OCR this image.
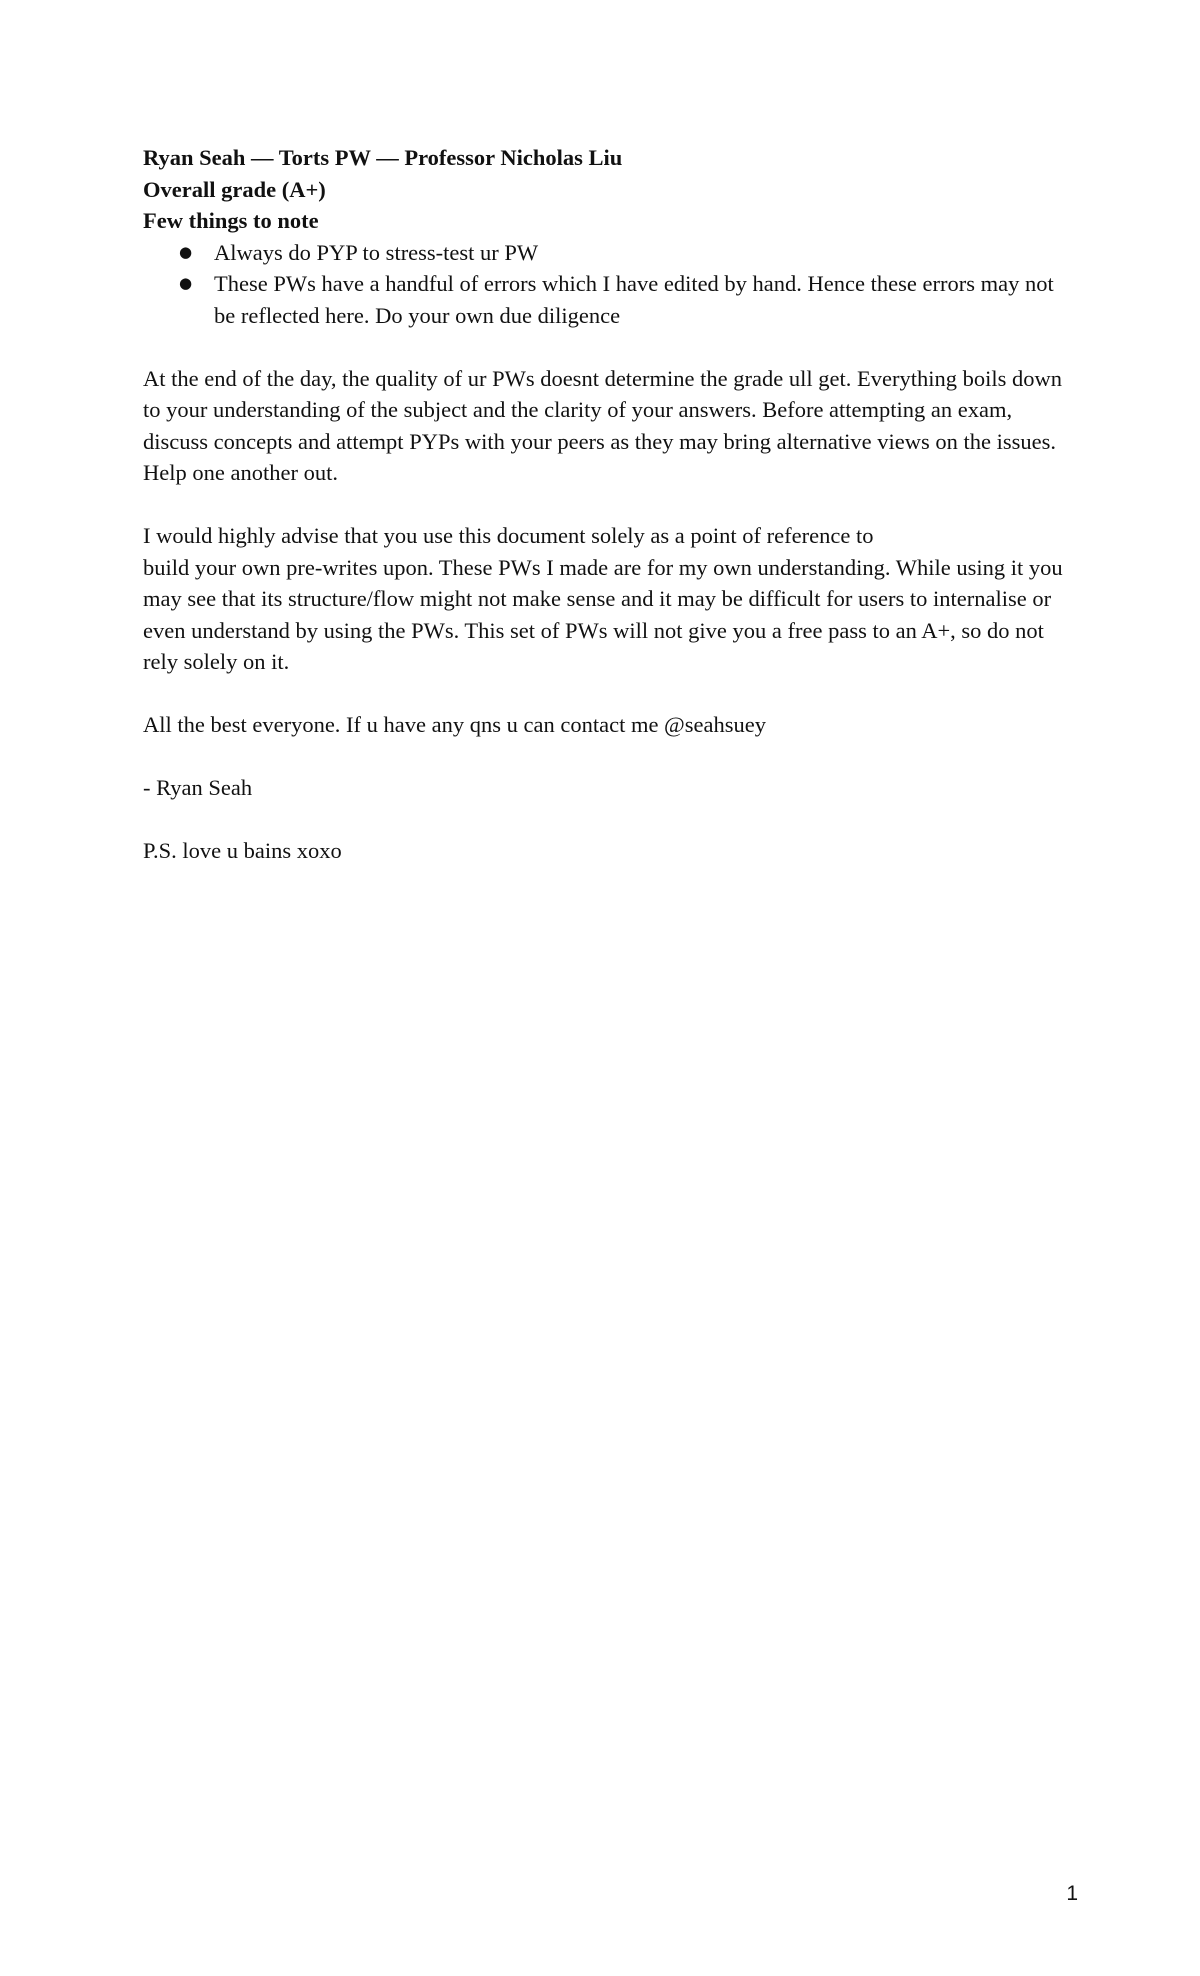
Ryan Seah — Torts PW — Professor Nicholas Liu
Overall grade (A+)
Few things to note
● Always do PYP to stress-test ur PW
● These PWs have a handful of errors which I have edited by hand. Hence these errors may not be reflected here. Do your own due diligence

At the end of the day, the quality of ur PWs doesnt determine the grade ull get. Everything boils down to your understanding of the subject and the clarity of your answers. Before attempting an exam, discuss concepts and attempt PYPs with your peers as they may bring alternative views on the issues. Help one another out.

I would highly advise that you use this document solely as a point of reference to
build your own pre-writes upon. These PWs I made are for my own understanding. While using it you may see that its structure/flow might not make sense and it may be difficult for users to internalise or even understand by using the PWs. This set of PWs will not give you a free pass to an A+, so do not rely solely on it.

All the best everyone. If u have any qns u can contact me @seahsuey

- Ryan Seah

P.S. love u bains xoxo

1
